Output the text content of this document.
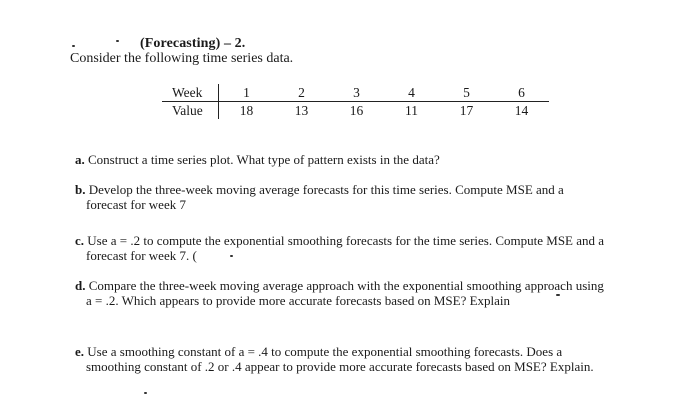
(Forecasting) – 2.
Consider the following time series data.
Week	1	2	3	4	5	6
Value	18	13	16	11	17	14
a. Construct a time series plot. What type of pattern exists in the data?
b. Develop the three-week moving average forecasts for this time series. Compute MSE and a
forecast for week 7
c. Use a = .2 to compute the exponential smoothing forecasts for the time series. Compute MSE and a
forecast for week 7. (
d. Compare the three-week moving average approach with the exponential smoothing approach using
a = .2. Which appears to provide more accurate forecasts based on MSE? Explain
e. Use a smoothing constant of a = .4 to compute the exponential smoothing forecasts. Does a
smoothing constant of .2 or .4 appear to provide more accurate forecasts based on MSE? Explain.
